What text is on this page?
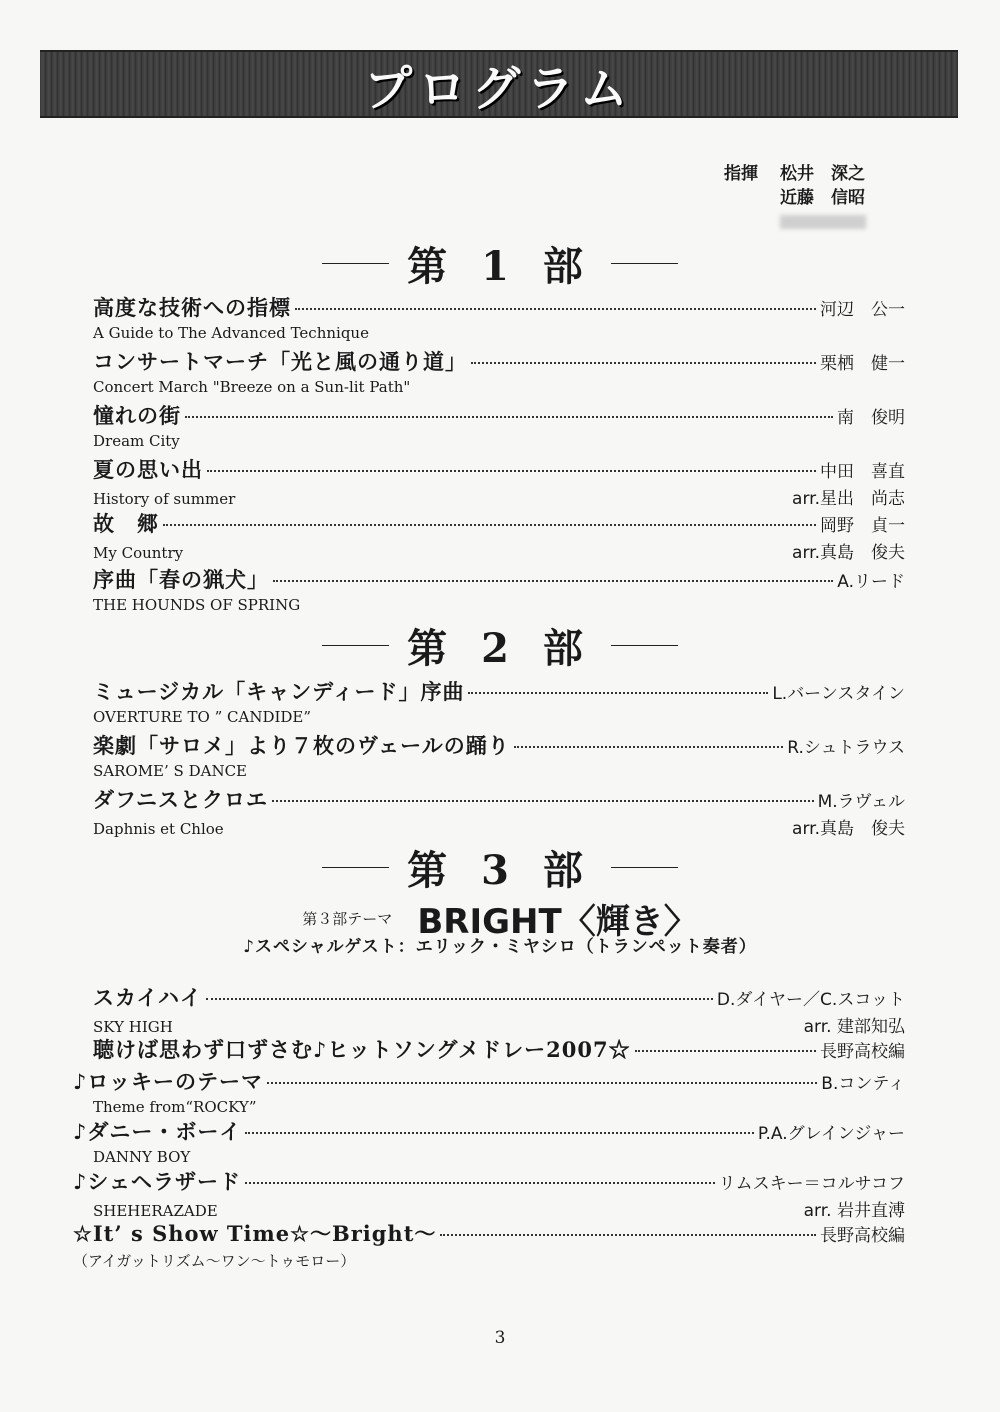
プログラム
指揮	松井　深之
近藤　信昭
第 1 部
高度な技術への指標	河辺　公一
A Guide to The Advanced Technique
コンサートマーチ「光と風の通り道」	栗栖　健一
Concert March "Breeze on a Sun-lit Path"
憧れの街	南　俊明
Dream City
夏の思い出	中田　喜直
History of summer	arr.星出　尚志
故　郷	岡野　貞一
My Country	arr.真島　俊夫
序曲「春の猟犬」	A.リード
THE HOUNDS OF SPRING
第 2 部
ミュージカル「キャンディード」序曲	L.バーンスタイン
OVERTURE TO ” CANDIDE”
楽劇「サロメ」より７枚のヴェールの踊り	R.シュトラウス
SAROME’ S DANCE
ダフニスとクロエ	M.ラヴェル
Daphnis et Chloe	arr.真島　俊夫
第 3 部
第３部テーマ BRIGHT〈輝き〉
♪スペシャルゲスト：エリック・ミヤシロ（トランペット奏者）
スカイハイ	D.ダイヤー／C.スコット
SKY HIGH	arr. 建部知弘
聴けば思わず口ずさむ♪ヒットソングメドレー2007☆	長野高校編
♪ロッキーのテーマ	B.コンティ
Theme from“ROCKY”
♪ダニー・ボーイ	P.A.グレインジャー
DANNY BOY
♪シェヘラザード	リムスキー＝コルサコフ
SHEHERAZADE	arr. 岩井直溥
☆It’ s Show Time☆～Bright～	長野高校編
（アイガットリズム～ワン～トゥモロー）
3
